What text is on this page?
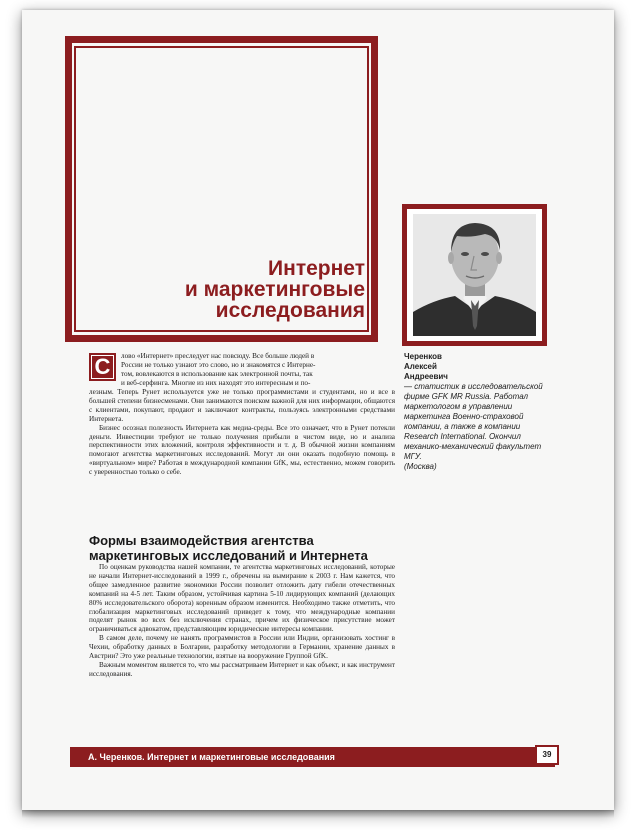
Интернет
и маркетинговые
исследования
Черенков
Алексей
Андреевич
— статистик в исследовательской фирме GFK MR Russia. Работал маркетологом в управлении маркетинга Военно-страховой компании, а также в компании Research International. Окончил механико-механический факультет МГУ.
(Москва)
С	лово «Интернет» преследует нас повсюду. Все больше людей в
России не только узнают это слово, но и знакомятся с Интерне-
том, вовлекаются в использование как электронной почты, так
и веб-серфинга. Многие из них находят это интересным и по-

лезным. Теперь Рунет используется уже не только программистами и студентами, но и все в большей степени бизнесменами. Они занимаются поиском важной для них информации, общаются с клиентами, покупают, продают и заключают контракты, пользуясь электронными средствами Интернета.

Бизнес осознал полезность Интернета как медиа-среды. Все это означает, что в Рунет потекли деньги. Инвестиции требуют не только получения прибыли в чистом виде, но и анализа перспективности этих вложений, контроля эффективности и т. д. В обычной жизни компаниям помогают агентства маркетинговых исследований. Могут ли они оказать подобную помощь в «виртуальном» мире? Работая в международной компании GfK, мы, естественно, можем говорить с уверенностью только о себе.

Формы взаимодействия агентства маркетинговых исследований и Интернета

По оценкам руководства нашей компании, те агентства маркетинговых исследований, которые не начали Интернет-исследований в 1999 г., обречены на вымирание к 2003 г. Нам кажется, что общее замедленное развитие экономики России позволит отложить дату гибели отечественных компаний на 4-5 лет. Таким образом, устойчивая картина 5-10 лидирующих компаний (делающих 80% исследовательского оборота) коренным образом изменится. Необходимо также отметить, что глобализация маркетинговых исследований приведет к тому, что международные компании поделят рынок во всех без исключения странах, причем их физическое присутствие может ограничиваться адвокатом, представляющим юридические интересы компании.

В самом деле, почему не нанять программистов в России или Индии, организовать хостинг в Чехии, обработку данных в Болгарии, разработку методологии в Германии, хранение данных в Австрии? Это уже реальные технологии, взятые на вооружение Группой GfK.

Важным моментом является то, что мы рассматриваем Интернет и как объект, и как инструмент исследования.

А. Черенков. Интернет и маркетинговые исследования	39
